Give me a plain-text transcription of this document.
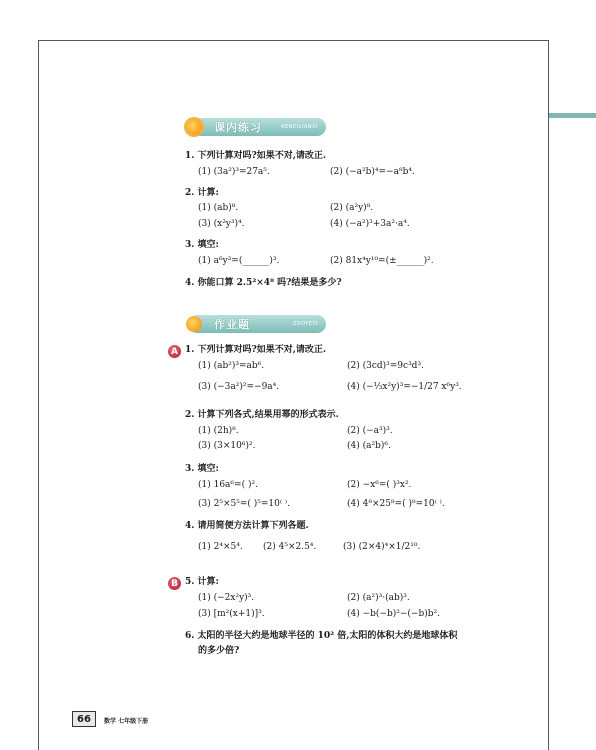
课内练习	KENEILIANXI
1. 下列计算对吗?如果不对,请改正.
(1) (3a²)³=27a⁵.	(2) (−a²b)⁴=−a⁸b⁴.
2. 计算:
(1) (ab)⁸.	(2) (a²y)⁸.
(3) (x²y³)⁴.	(4) (−a²)³+3a²·a⁴.
3. 填空:
(1) a⁶y³=(______)³.	(2) 81x⁴y¹⁰=(±______)².
4. 你能口算 2.5²×4⁸ 吗?结果是多少?
作业题	ZUOYETI
A 1. 下列计算对吗?如果不对,请改正.
(1) (ab²)³=ab⁶.	(2) (3cd)³=9c³d³.
(3) (−3a²)²=−9a⁴.	(4) (−⅓x²y)³=−1/27 x⁶y³.
2. 计算下列各式,结果用幂的形式表示.
(1) (2h)⁸.	(2) (−a³)³.
(3) (3×10⁶)².	(4) (a²b)⁶.
3. 填空:
(1) 16a⁶=( )².	(2) −x⁶=( )³x².
(3) 2⁵×5⁵=( )⁵=10⁽ ⁾.	(4) 4⁸×25⁸=( )⁸=10⁽ ⁾.
4. 请用简便方法计算下列各题.
(1) 2⁴×5⁴. (2) 4⁵×2.5⁴.	(3) (2×4)⁴×1/2¹⁰.
B 5. 计算:
(1) (−2x²y)³.	(2) (a²)³·(ab)³.
(3) [m²(x+1)]³.	(4) −b(−b)²−(−b)b².
6. 太阳的半径大约是地球半径的 10² 倍,太阳的体积大约是地球体积
的多少倍?
66	数学 七年级下册
